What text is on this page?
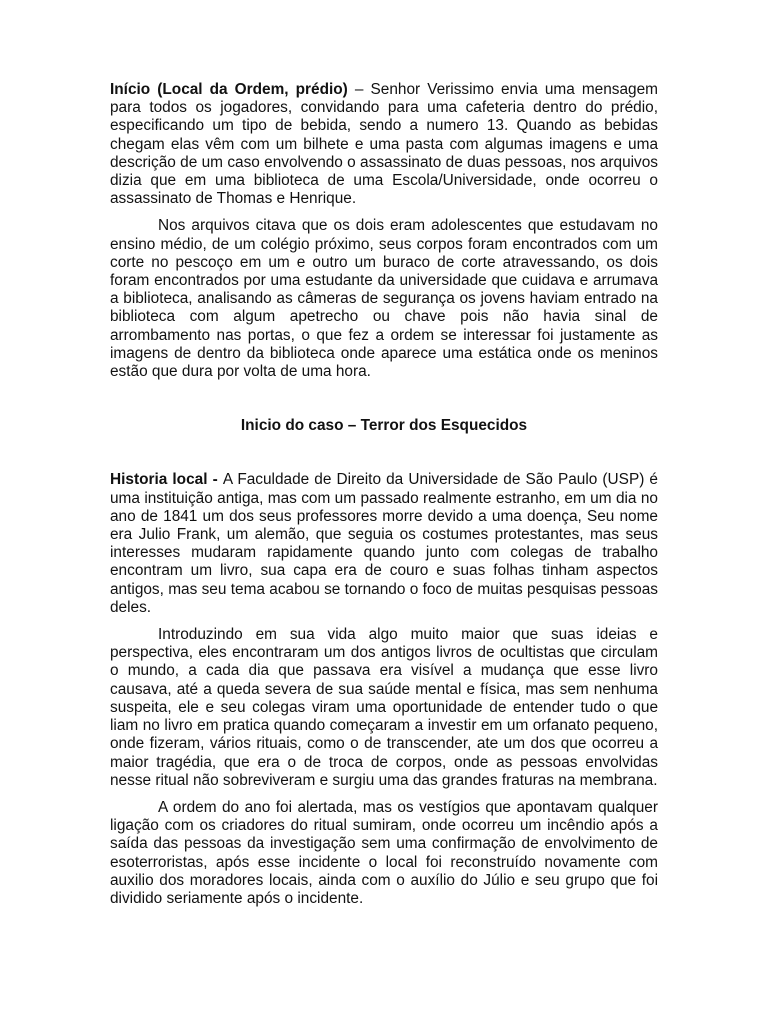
Início (Local da Ordem, prédio) – Senhor Verissimo envia uma mensagem para todos os jogadores, convidando para uma cafeteria dentro do prédio, especificando um tipo de bebida, sendo a numero 13. Quando as bebidas chegam elas vêm com um bilhete e uma pasta com algumas imagens e uma descrição de um caso envolvendo o assassinato de duas pessoas, nos arquivos dizia que em uma biblioteca de uma Escola/Universidade, onde ocorreu o assassinato de Thomas e Henrique.

Nos arquivos citava que os dois eram adolescentes que estudavam no ensino médio, de um colégio próximo, seus corpos foram encontrados com um corte no pescoço em um e outro um buraco de corte atravessando, os dois foram encontrados por uma estudante da universidade que cuidava e arrumava a biblioteca, analisando as câmeras de segurança os jovens haviam entrado na biblioteca com algum apetrecho ou chave pois não havia sinal de arrombamento nas portas, o que fez a ordem se interessar foi justamente as imagens de dentro da biblioteca onde aparece uma estática onde os meninos estão que dura por volta de uma hora.

Inicio do caso – Terror dos Esquecidos

Historia local - A Faculdade de Direito da Universidade de São Paulo (USP) é uma instituição antiga, mas com um passado realmente estranho, em um dia no ano de 1841 um dos seus professores morre devido a uma doença, Seu nome era Julio Frank, um alemão, que seguia os costumes protestantes, mas seus interesses mudaram rapidamente quando junto com colegas de trabalho encontram um livro, sua capa era de couro e suas folhas tinham aspectos antigos, mas seu tema acabou se tornando o foco de muitas pesquisas pessoas deles.

Introduzindo em sua vida algo muito maior que suas ideias e perspectiva, eles encontraram um dos antigos livros de ocultistas que circulam o mundo, a cada dia que passava era visível a mudança que esse livro causava, até a queda severa de sua saúde mental e física, mas sem nenhuma suspeita, ele e seu colegas viram uma oportunidade de entender tudo o que liam no livro em pratica quando começaram a investir em um orfanato pequeno, onde fizeram, vários rituais, como o de transcender, ate um dos que ocorreu a maior tragédia, que era o de troca de corpos, onde as pessoas envolvidas nesse ritual não sobreviveram e surgiu uma das grandes fraturas na membrana.

A ordem do ano foi alertada, mas os vestígios que apontavam qualquer ligação com os criadores do ritual sumiram, onde ocorreu um incêndio após a saída das pessoas da investigação sem uma confirmação de envolvimento de esoterroristas, após esse incidente o local foi reconstruído novamente com auxilio dos moradores locais, ainda com o auxílio do Júlio e seu grupo que foi dividido seriamente após o incidente.
